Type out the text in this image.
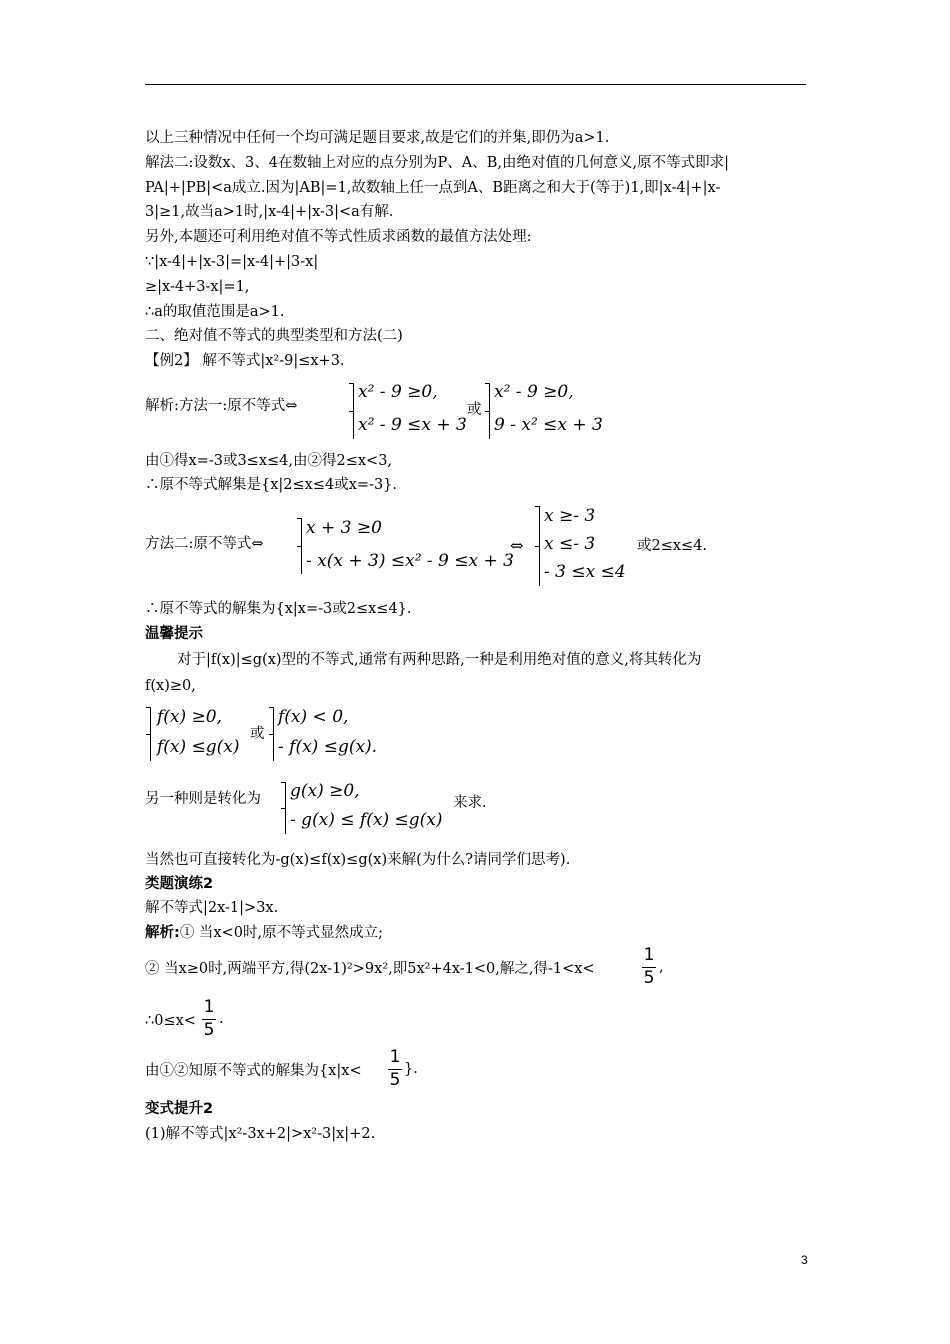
以上三种情况中任何一个均可满足题目要求,故是它们的并集,即仍为a>1.
解法二:设数x、3、4在数轴上对应的点分别为P、A、B,由绝对值的几何意义,原不等式即求|
PA|+|PB|<a成立.因为|AB|=1,故数轴上任一点到A、B距离之和大于(等于)1,即|x-4|+|x-
3|≥1,故当a>1时,|x-4|+|x-3|<a有解.
另外,本题还可利用绝对值不等式性质求函数的最值方法处理:
∵|x-4|+|x-3|=|x-4|+|3-x|
≥|x-4+3-x|=1,
∴a的取值范围是a>1.
二、绝对值不等式的典型类型和方法(二)
【例2】 解不等式|x²-9|≤x+3.
解析:方法一:原不等式⇔
x² - 9 ≥0,
x² - 9 ≤x + 3
或
x² - 9 ≥0,
9 - x² ≤x + 3
由①得x=-3或3≤x≤4,由②得2≤x<3,
∴原不等式解集是{x|2≤x≤4或x=-3}.
方法二:原不等式⇔
x + 3 ≥0
- x(x + 3) ≤x² - 9 ≤x + 3
⇔
x ≥- 3
x ≤- 3
- 3 ≤x ≤4
或2≤x≤4.
∴原不等式的解集为{x|x=-3或2≤x≤4}.
温馨提示
对于|f(x)|≤g(x)型的不等式,通常有两种思路,一种是利用绝对值的意义,将其转化为
f(x)≥0,
f(x) ≥0,
f(x) ≤g(x)
或
f(x) < 0,
- f(x) ≤g(x).
另一种则是转化为 g(x) ≥0,
- g(x) ≤ f(x) ≤g(x)
来求.
当然也可直接转化为-g(x)≤f(x)≤g(x)来解(为什么?请同学们思考).
类题演练2
解不等式|2x-1|>3x.
解析:① 当x<0时,原不等式显然成立;
② 当x≥0时,两端平方,得(2x-1)²>9x²,即5x²+4x-1<0,解之,得-1<x<
1
5
,
∴0≤x<
1
5
.
由①②知原不等式的解集为{x|x<
1
5
}.
变式提升2
(1)解不等式|x²-3x+2|>x²-3|x|+2.
3
